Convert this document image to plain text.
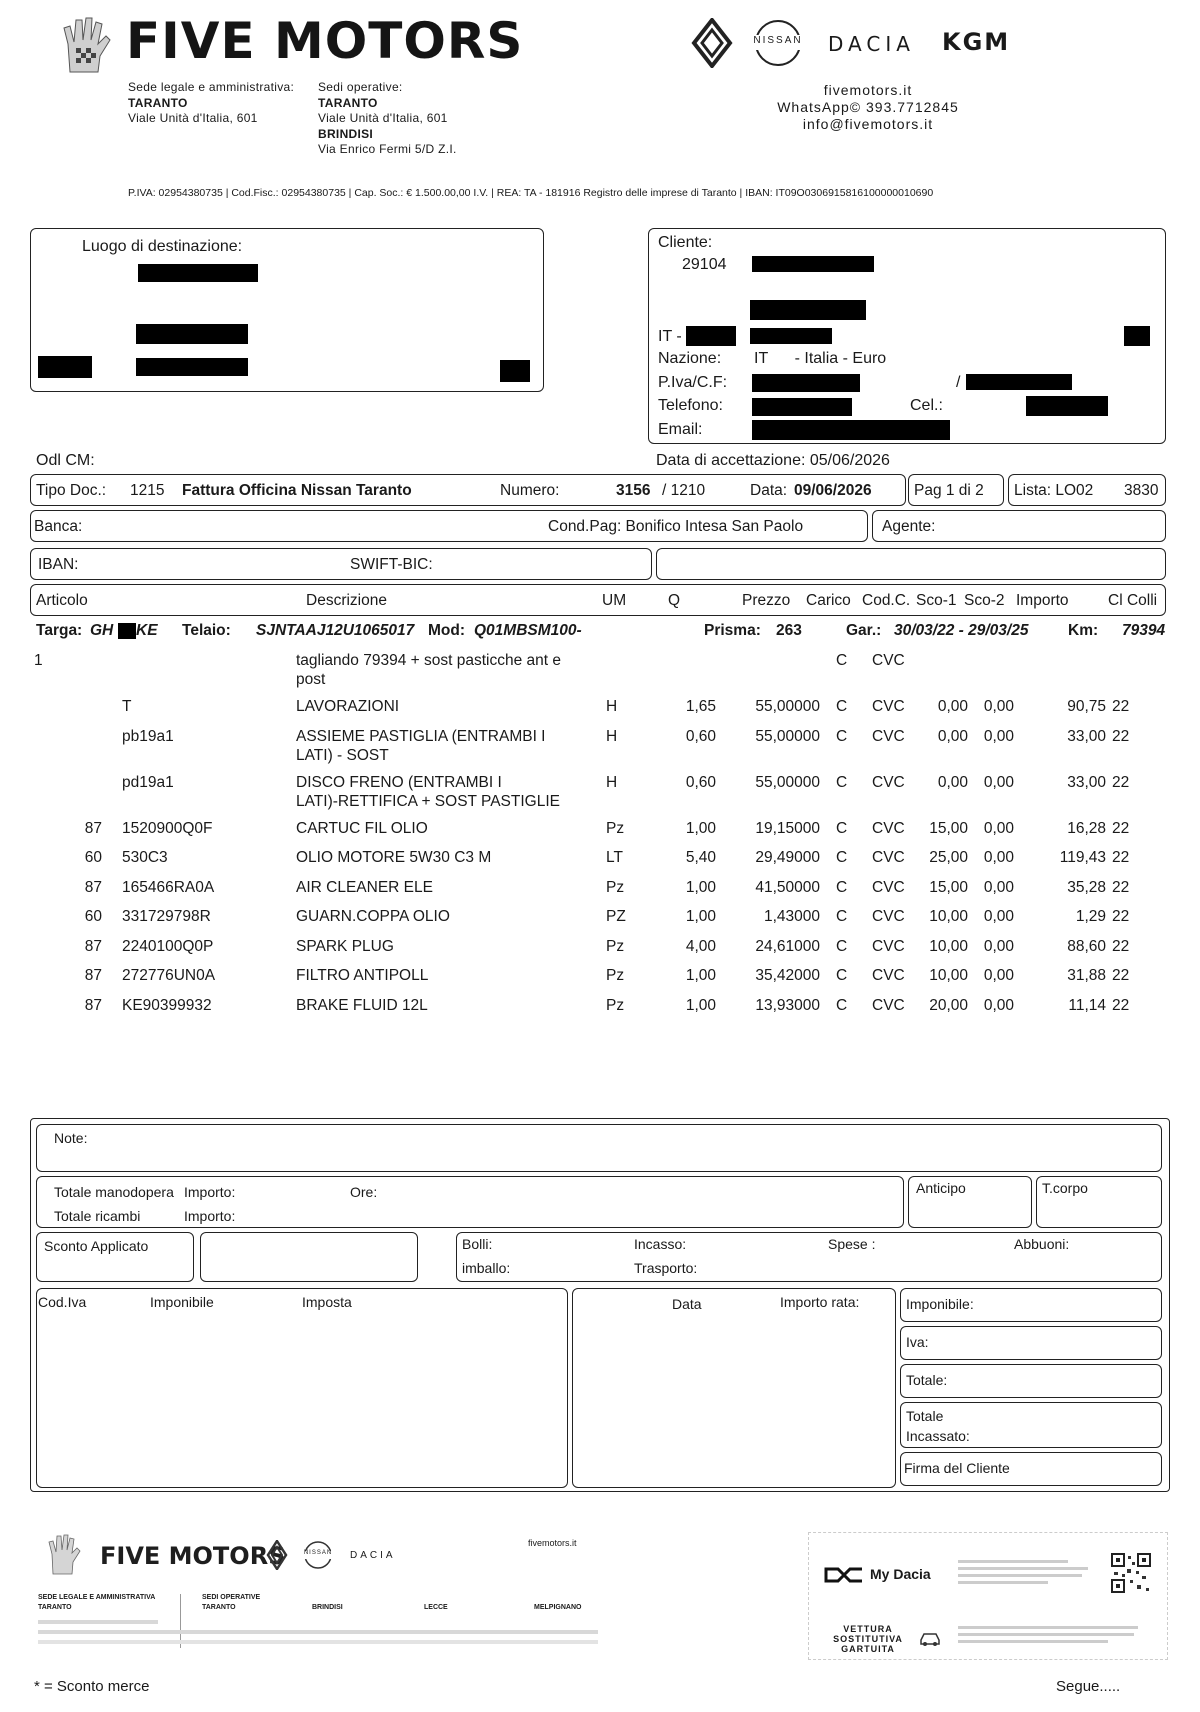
FIVE MOTORS
Sede legale e amministrativa:
TARANTO
Viale Unità d'Italia, 601
Sedi operative:
TARANTO
Viale Unità d'Italia, 601
BRINDISI
Via Enrico Fermi 5/D Z.I.
NISSAN	DACIA KGM
fivemotors.it
WhatsApp© 393.7712845
info@fivemotors.it
P.IVA: 02954380735 | Cod.Fisc.: 02954380735 | Cap. Soc.: € 1.500.00,00 I.V. | REA: TA - 181916 Registro delle imprese di Taranto | IBAN: IT09O0306915816100000010690
Luogo di destinazione:	Cliente:
29104
IT -
Nazione: IT      - Italia - Euro
P.Iva/C.F:	/
Telefono:	Cel.:
Email:
Odl CM:	Data di accettazione: 05/06/2026
Tipo Doc.: 1215 Fattura Officina Nissan Taranto	Numero:	3156 / 1210	Data: 09/06/2026	Pag 1 di 2 Lista: LO02 3830
Banca:	Cond.Pag: Bonifico Intesa San Paolo	Agente:
IBAN:	SWIFT-BIC:
Articolo	Descrizione	UM	Q	Prezzo Carico Cod.C. Sco-1 Sco-2 Importo	Cl Colli
Targa: GH KE Telaio: SJNTAAJ12U1065017 Mod: Q01MBSM100-	Prisma: 263	Gar.: 30/03/22 - 29/03/25	Km: 79394
1	tagliando 79394 + sost pasticche ant e
post
C CVC
T	LAVORAZIONI	H	1,65	55,00000 C	CVC	0,00	0,00	90,75 22
pb19a1	ASSIEME PASTIGLIA (ENTRAMBI I	H	0,60	55,00000 C	CVC	0,00	0,00	33,00 22
LATI) - SOST
pd19a1	DISCO FRENO (ENTRAMBI I	H	0,60	55,00000 C	CVC	0,00	0,00	33,00 22
LATI)-RETTIFICA + SOST PASTIGLIE
87 1520900Q0F	CARTUC FIL OLIO	Pz	1,00	19,15000 C	CVC	15,00	0,00	16,28 22
60 530C3	OLIO MOTORE 5W30 C3 M	LT	5,40	29,49000 C	CVC	25,00	0,00	119,43 22
87 165466RA0A	AIR CLEANER ELE	Pz	1,00	41,50000 C	CVC	15,00	0,00	35,28 22
60 331729798R	GUARN.COPPA OLIO	PZ	1,00	1,43000 C	CVC	10,00	0,00	1,29 22
87 2240100Q0P	SPARK PLUG	Pz	4,00	24,61000 C	CVC	10,00	0,00	88,60 22
87 272776UN0A	FILTRO ANTIPOLL	Pz	1,00	35,42000 C	CVC	10,00	0,00	31,88 22
87 KE90399932	BRAKE FLUID 12L	Pz	1,00	13,93000 C	CVC	20,00	0,00	11,14 22
Note:
Totale manodopera Importo:	Ore:
Totale ricambi	Importo:
Anticipo	T.corpo
Sconto Applicato	Bolli:	Incasso:	Spese :	Abbuoni:
imballo:	Trasporto:
Cod.Iva	Imponibile	Imposta	Data	Importo rata:	Imponibile:
Iva:
Totale:
Totale
Incassato:
Firma del Cliente
FIVE MOTORS	NISSAN	DACIA
fivemotors.it
SEDE LEGALE E AMMINISTRATIVA
TARANTO
SEDI OPERATIVE
TARANTO	BRINDISI	LECCE	MELPIGNANO
My Dacia
VETTURA
SOSTITUTIVA
GARTUITA
* = Sconto merce	Segue.....
